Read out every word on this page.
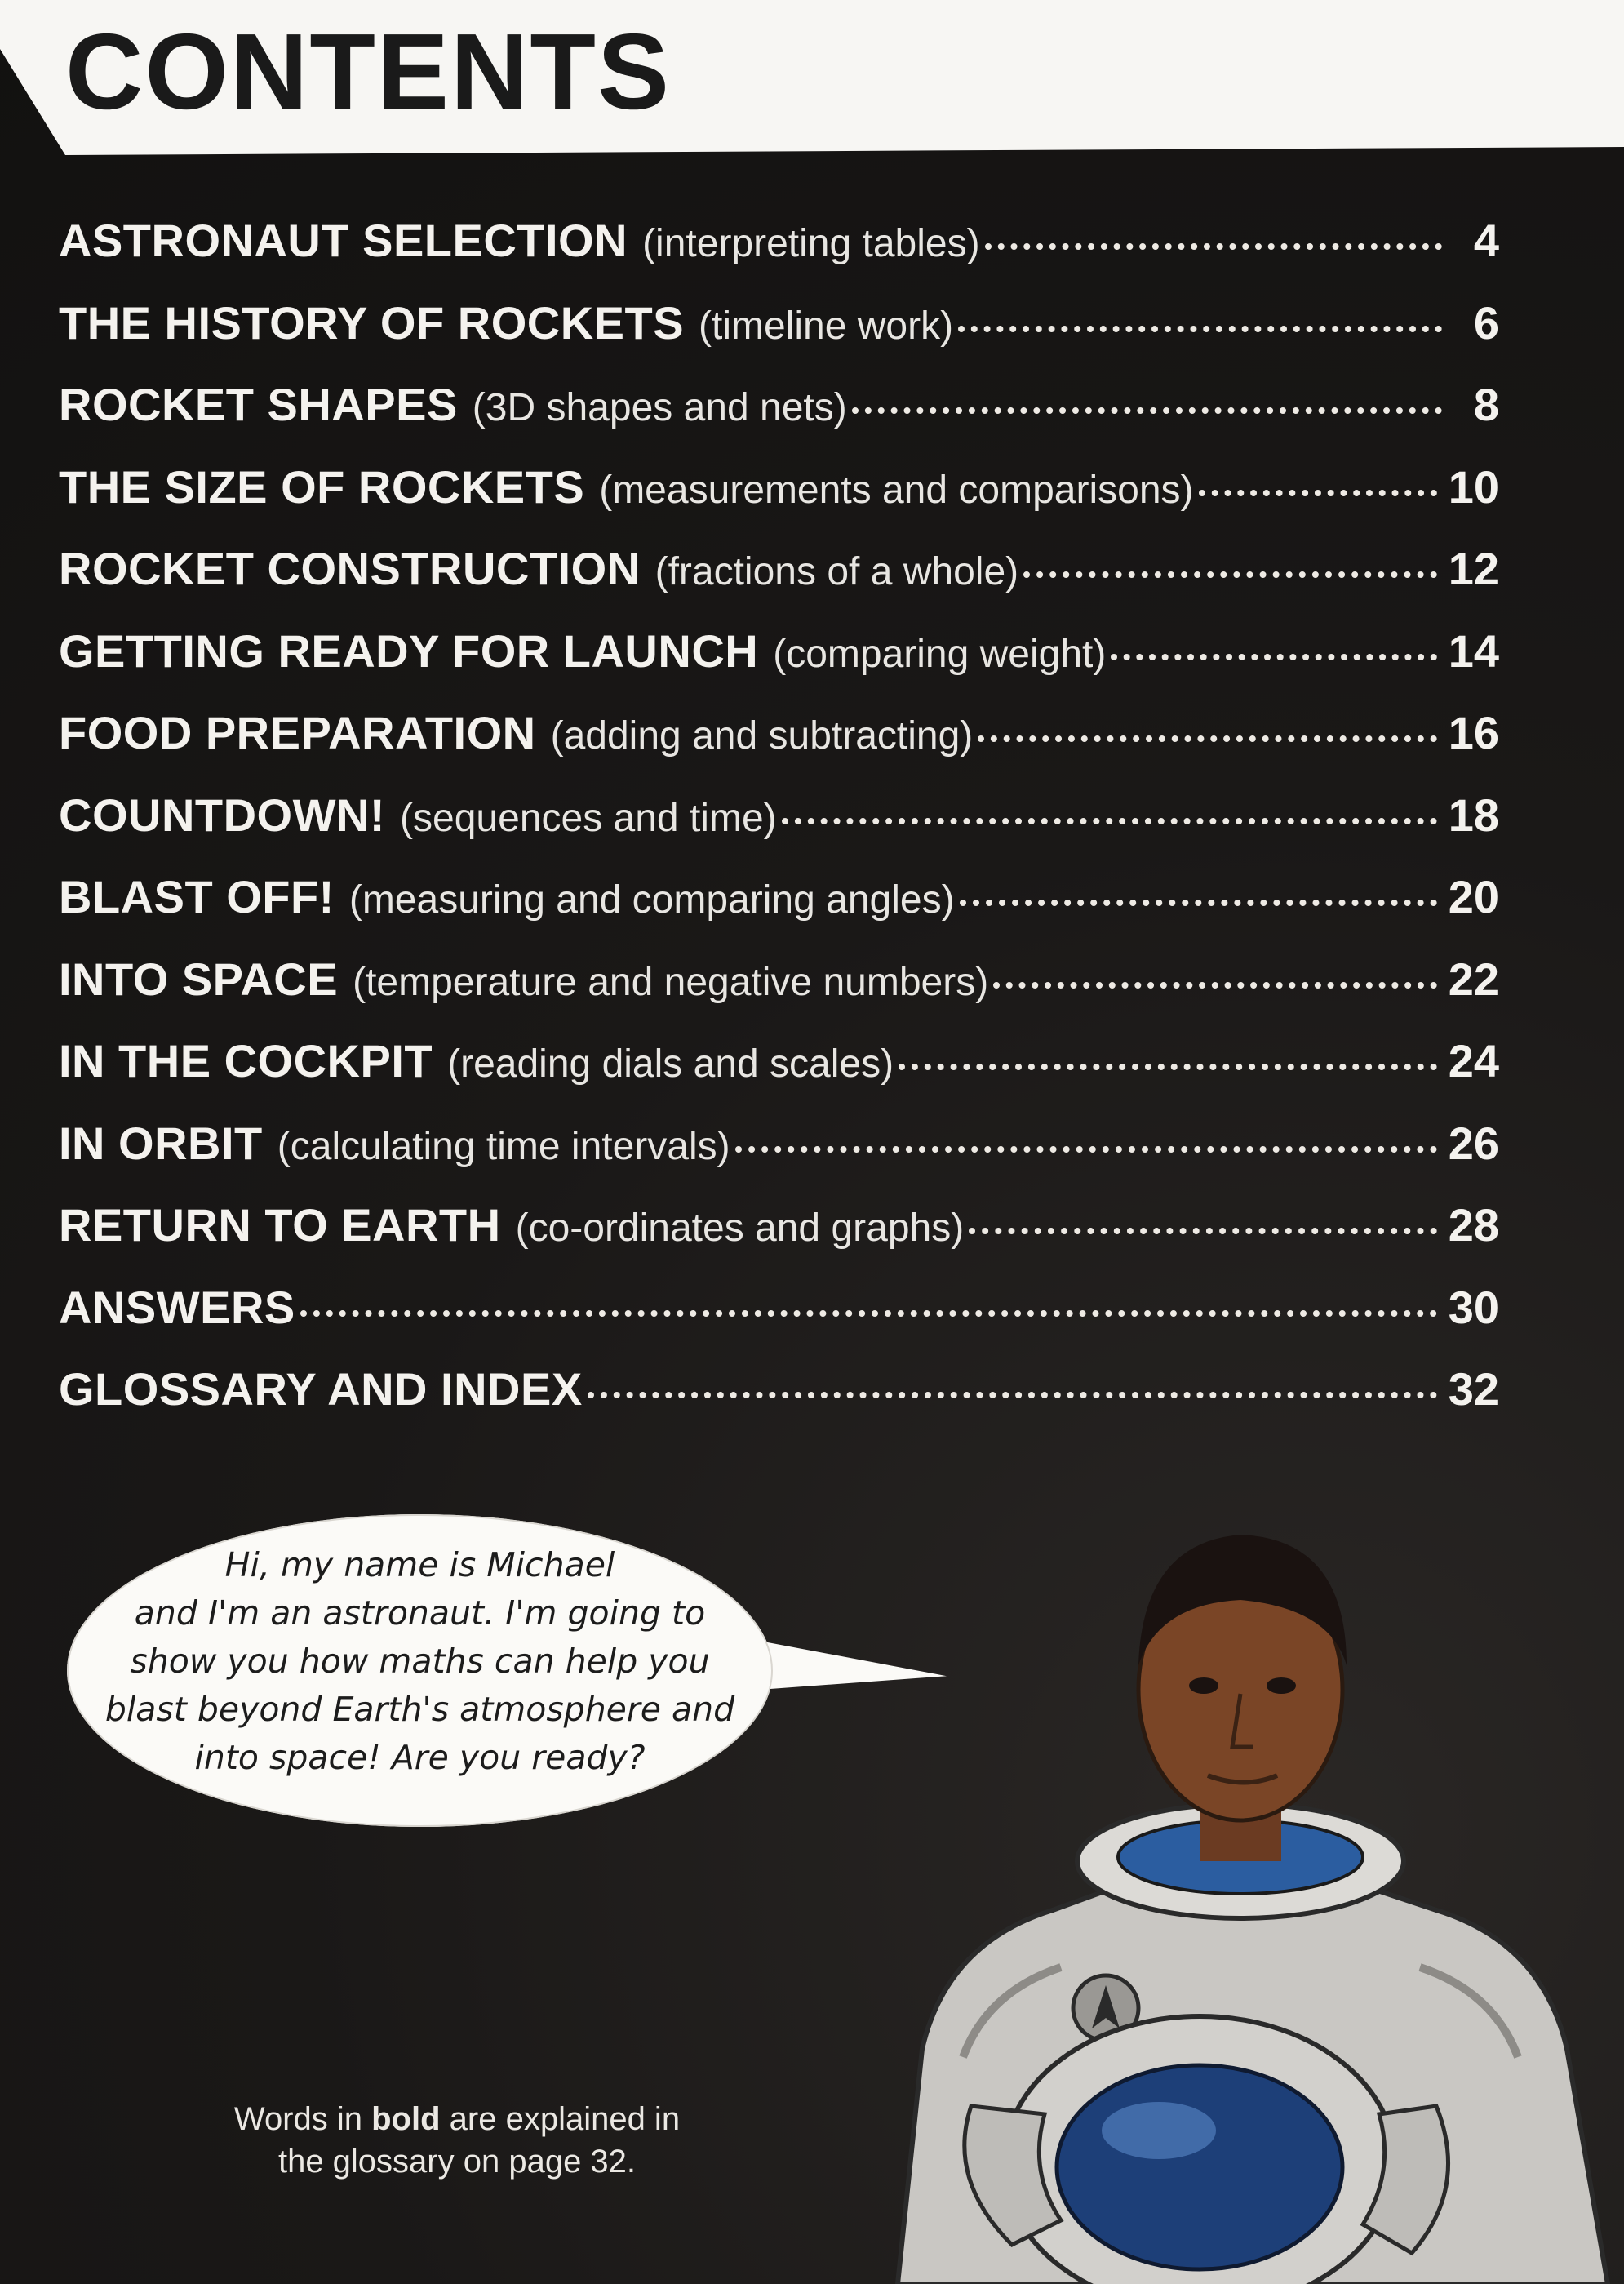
CONTENTS
ASTRONAUT SELECTION (interpreting tables)	4
THE HISTORY OF ROCKETS (timeline work)	6
ROCKET SHAPES (3D shapes and nets)	8
THE SIZE OF ROCKETS (measurements and comparisons)	10
ROCKET CONSTRUCTION (fractions of a whole)	12
GETTING READY FOR LAUNCH (comparing weight)	14
FOOD PREPARATION (adding and subtracting)	16
COUNTDOWN! (sequences and time)	18
BLAST OFF! (measuring and comparing angles)	20
INTO SPACE (temperature and negative numbers)	22
IN THE COCKPIT (reading dials and scales)	24
IN ORBIT (calculating time intervals)	26
RETURN TO EARTH (co-ordinates and graphs)	28
ANSWERS	30
GLOSSARY AND INDEX	32
Hi, my name is Michael
and I'm an astronaut. I'm going to
show you how maths can help you
blast beyond Earth's atmosphere and
into space! Are you ready?
Words in bold are explained in
the glossary on page 32.
